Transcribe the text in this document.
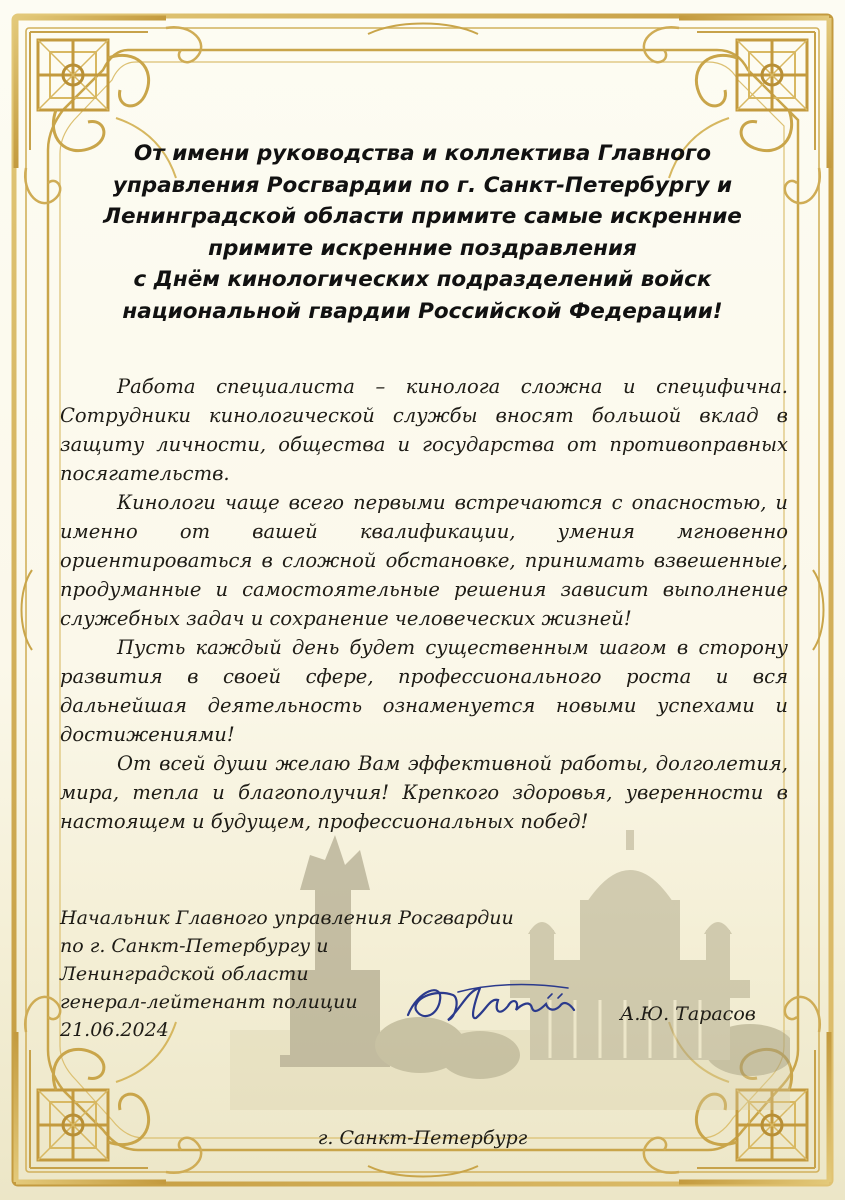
От имени руководства и коллектива Главного
управления Росгвардии по г. Санкт-Петербургу и
Ленинградской области примите самые искренние
примите искренние поздравления
с Днём кинологических подразделений войск
национальной гвардии Российской Федерации!

Работа специалиста – кинолога сложна и специфична. Сотрудники кинологической службы вносят большой вклад в защиту личности, общества и государства от противоправных посягательств.

Кинологи чаще всего первыми встречаются с опасностью, и именно от вашей квалификации, умения мгновенно ориентироваться в сложной обстановке, принимать взвешенные, продуманные и самостоятельные решения зависит выполнение служебных задач и сохранение человеческих жизней!

Пусть каждый день будет существенным шагом в сторону развития в своей сфере, профессионального роста и вся дальнейшая деятельность ознаменуется новыми успехами и достижениями!

От всей души желаю Вам эффективной работы, долголетия, мира, тепла и благополучия! Крепкого здоровья, уверенности в настоящем и будущем, профессиональных побед!

Начальник Главного управления Росгвардии
по г. Санкт-Петербургу и
Ленинградской области
генерал-лейтенант полиции
21.06.2024
А.Ю. Тарасов
г. Санкт-Петербург
